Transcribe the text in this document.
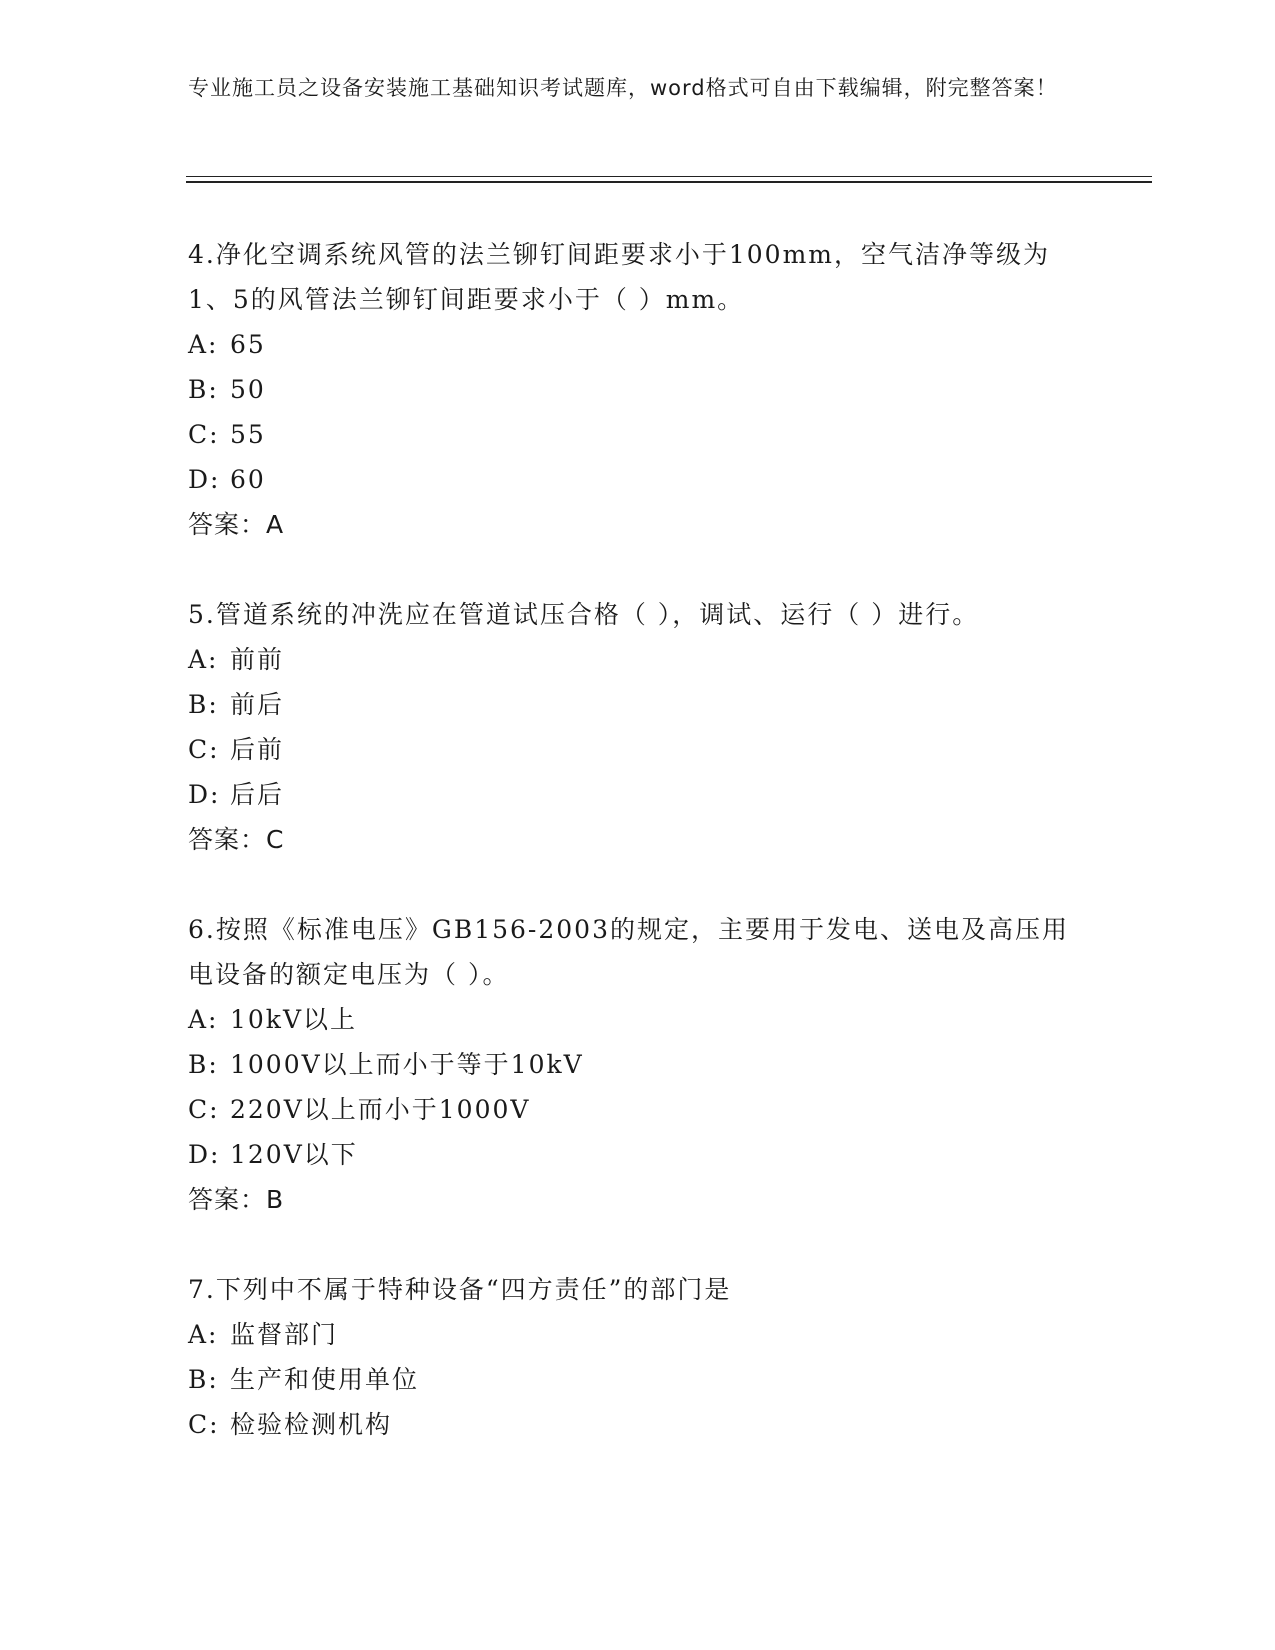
专业施工员之设备安装施工基础知识考试题库，word格式可自由下载编辑，附完整答案！
4.净化空调系统风管的法兰铆钉间距要求小于100mm，空气洁净等级为1、5的风管法兰铆钉间距要求小于（ ）mm。
A: 65
B: 50
C: 55
D: 60
答案：A
5.管道系统的冲洗应在管道试压合格（ ），调试、运行（ ）进行。
A: 前前
B: 前后
C: 后前
D: 后后
答案：C
6.按照《标准电压》GB156-2003的规定，主要用于发电、送电及高压用电设备的额定电压为（ ）。
A: 10kV以上
B: 1000V以上而小于等于10kV
C: 220V以上而小于1000V
D: 120V以下
答案：B
7.下列中不属于特种设备“四方责任”的部门是
A: 监督部门
B: 生产和使用单位
C: 检验检测机构
